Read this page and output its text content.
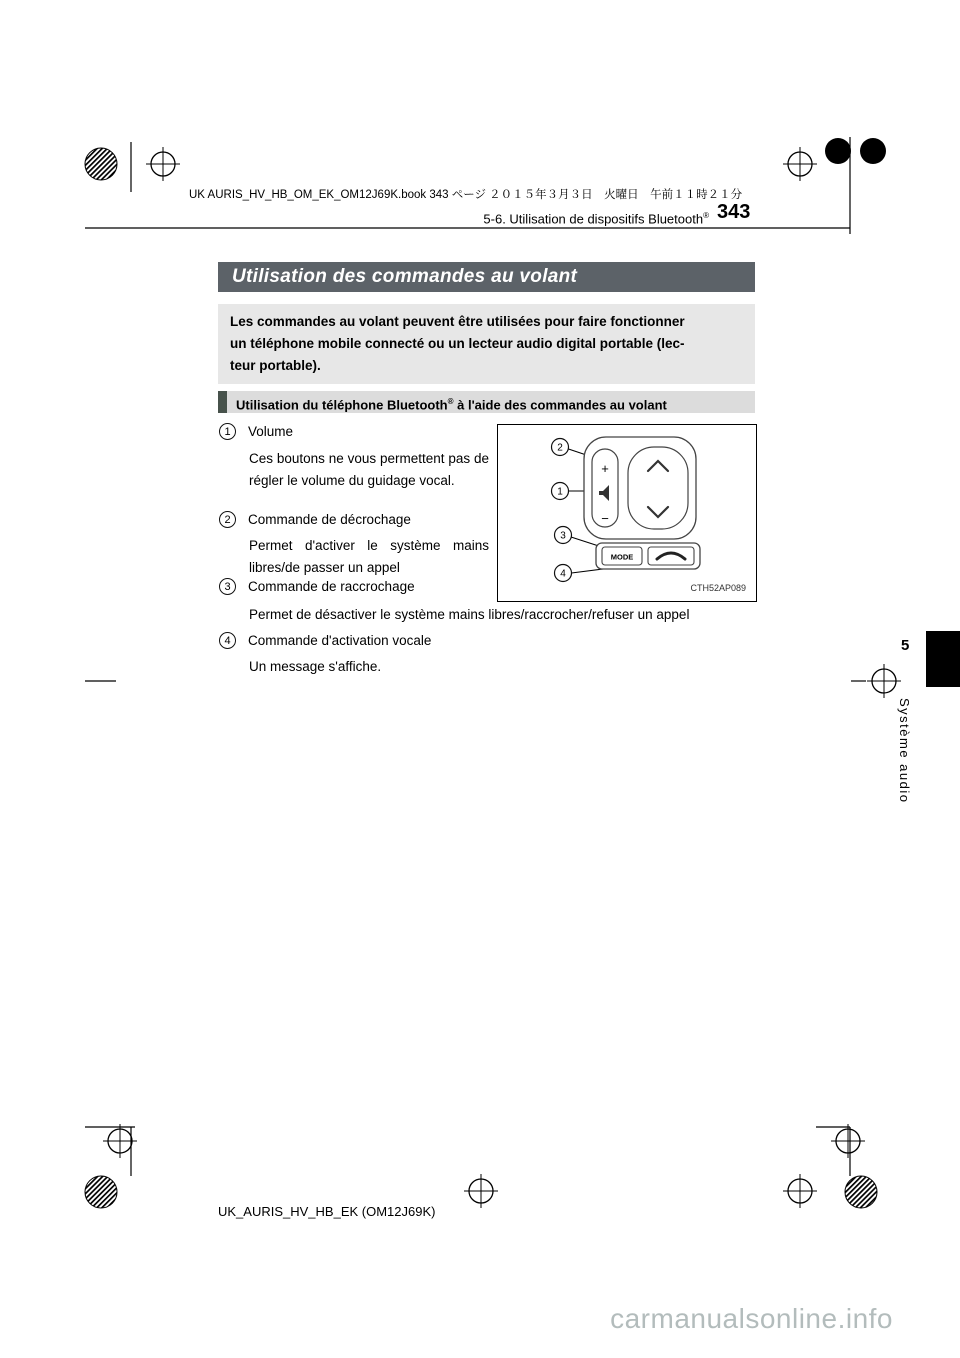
UK AURIS_HV_HB_OM_EK_OM12J69K.book 343 ページ ２０１５年３月３日　火曜日　午前１１時２１分
5-6. Utilisation de dispositifs Bluetooth® 343
Utilisation des commandes au volant
Les commandes au volant peuvent être utilisées pour faire fonctionner
un téléphone mobile connecté ou un lecteur audio digital portable (lec-
teur portable).
Utilisation du téléphone Bluetooth® à l'aide des commandes au volant
1	Volume
Ces boutons ne vous permettent pas de régler le volume du guidage vocal.
2	Commande de décrochage
Permet d'activer le système mains libres/de passer un appel
3	Commande de raccrochage
Permet de désactiver le système mains libres/raccrocher/refuser un appel
4	Commande d'activation vocale
Un message s'affiche.
+
−
MODE
2
1
3
4
CTH52AP089
5
Système audio
UK_AURIS_HV_HB_EK (OM12J69K)
carmanualsonline.info
